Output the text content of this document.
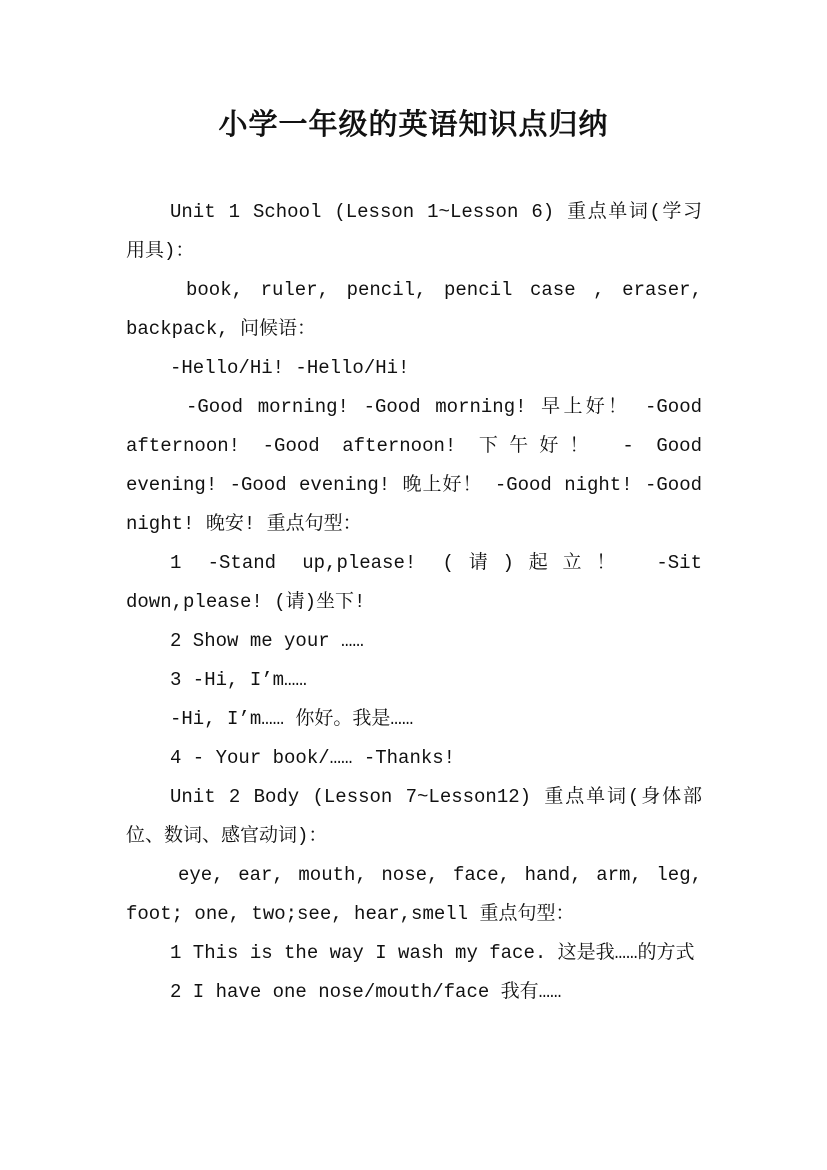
小学一年级的英语知识点归纳

Unit 1 School (Lesson 1~Lesson 6) 重点单词(学习用具)：

book, ruler, pencil, pencil case , eraser, backpack, 问候语：

-Hello/Hi! -Hello/Hi!

-Good morning! -Good morning! 早上好！ -Good afternoon! -Good afternoon! 下午好！ - Good evening! -Good evening! 晚上好！ -Good night! -Good night! 晚安! 重点句型：

1 -Stand up,please! (请)起立！ -Sit down,please! (请)坐下!

2 Show me your ……

3 -Hi, I’m……

-Hi, I’m…… 你好。我是……

4 - Your book/…… -Thanks!

Unit 2 Body (Lesson 7~Lesson12) 重点单词(身体部位、数词、感官动词)：

eye, ear, mouth, nose, face, hand, arm, leg, foot; one, two;see, hear,smell 重点句型：

1 This is the way I wash my face. 这是我……的方式

2 I have one nose/mouth/face 我有……
